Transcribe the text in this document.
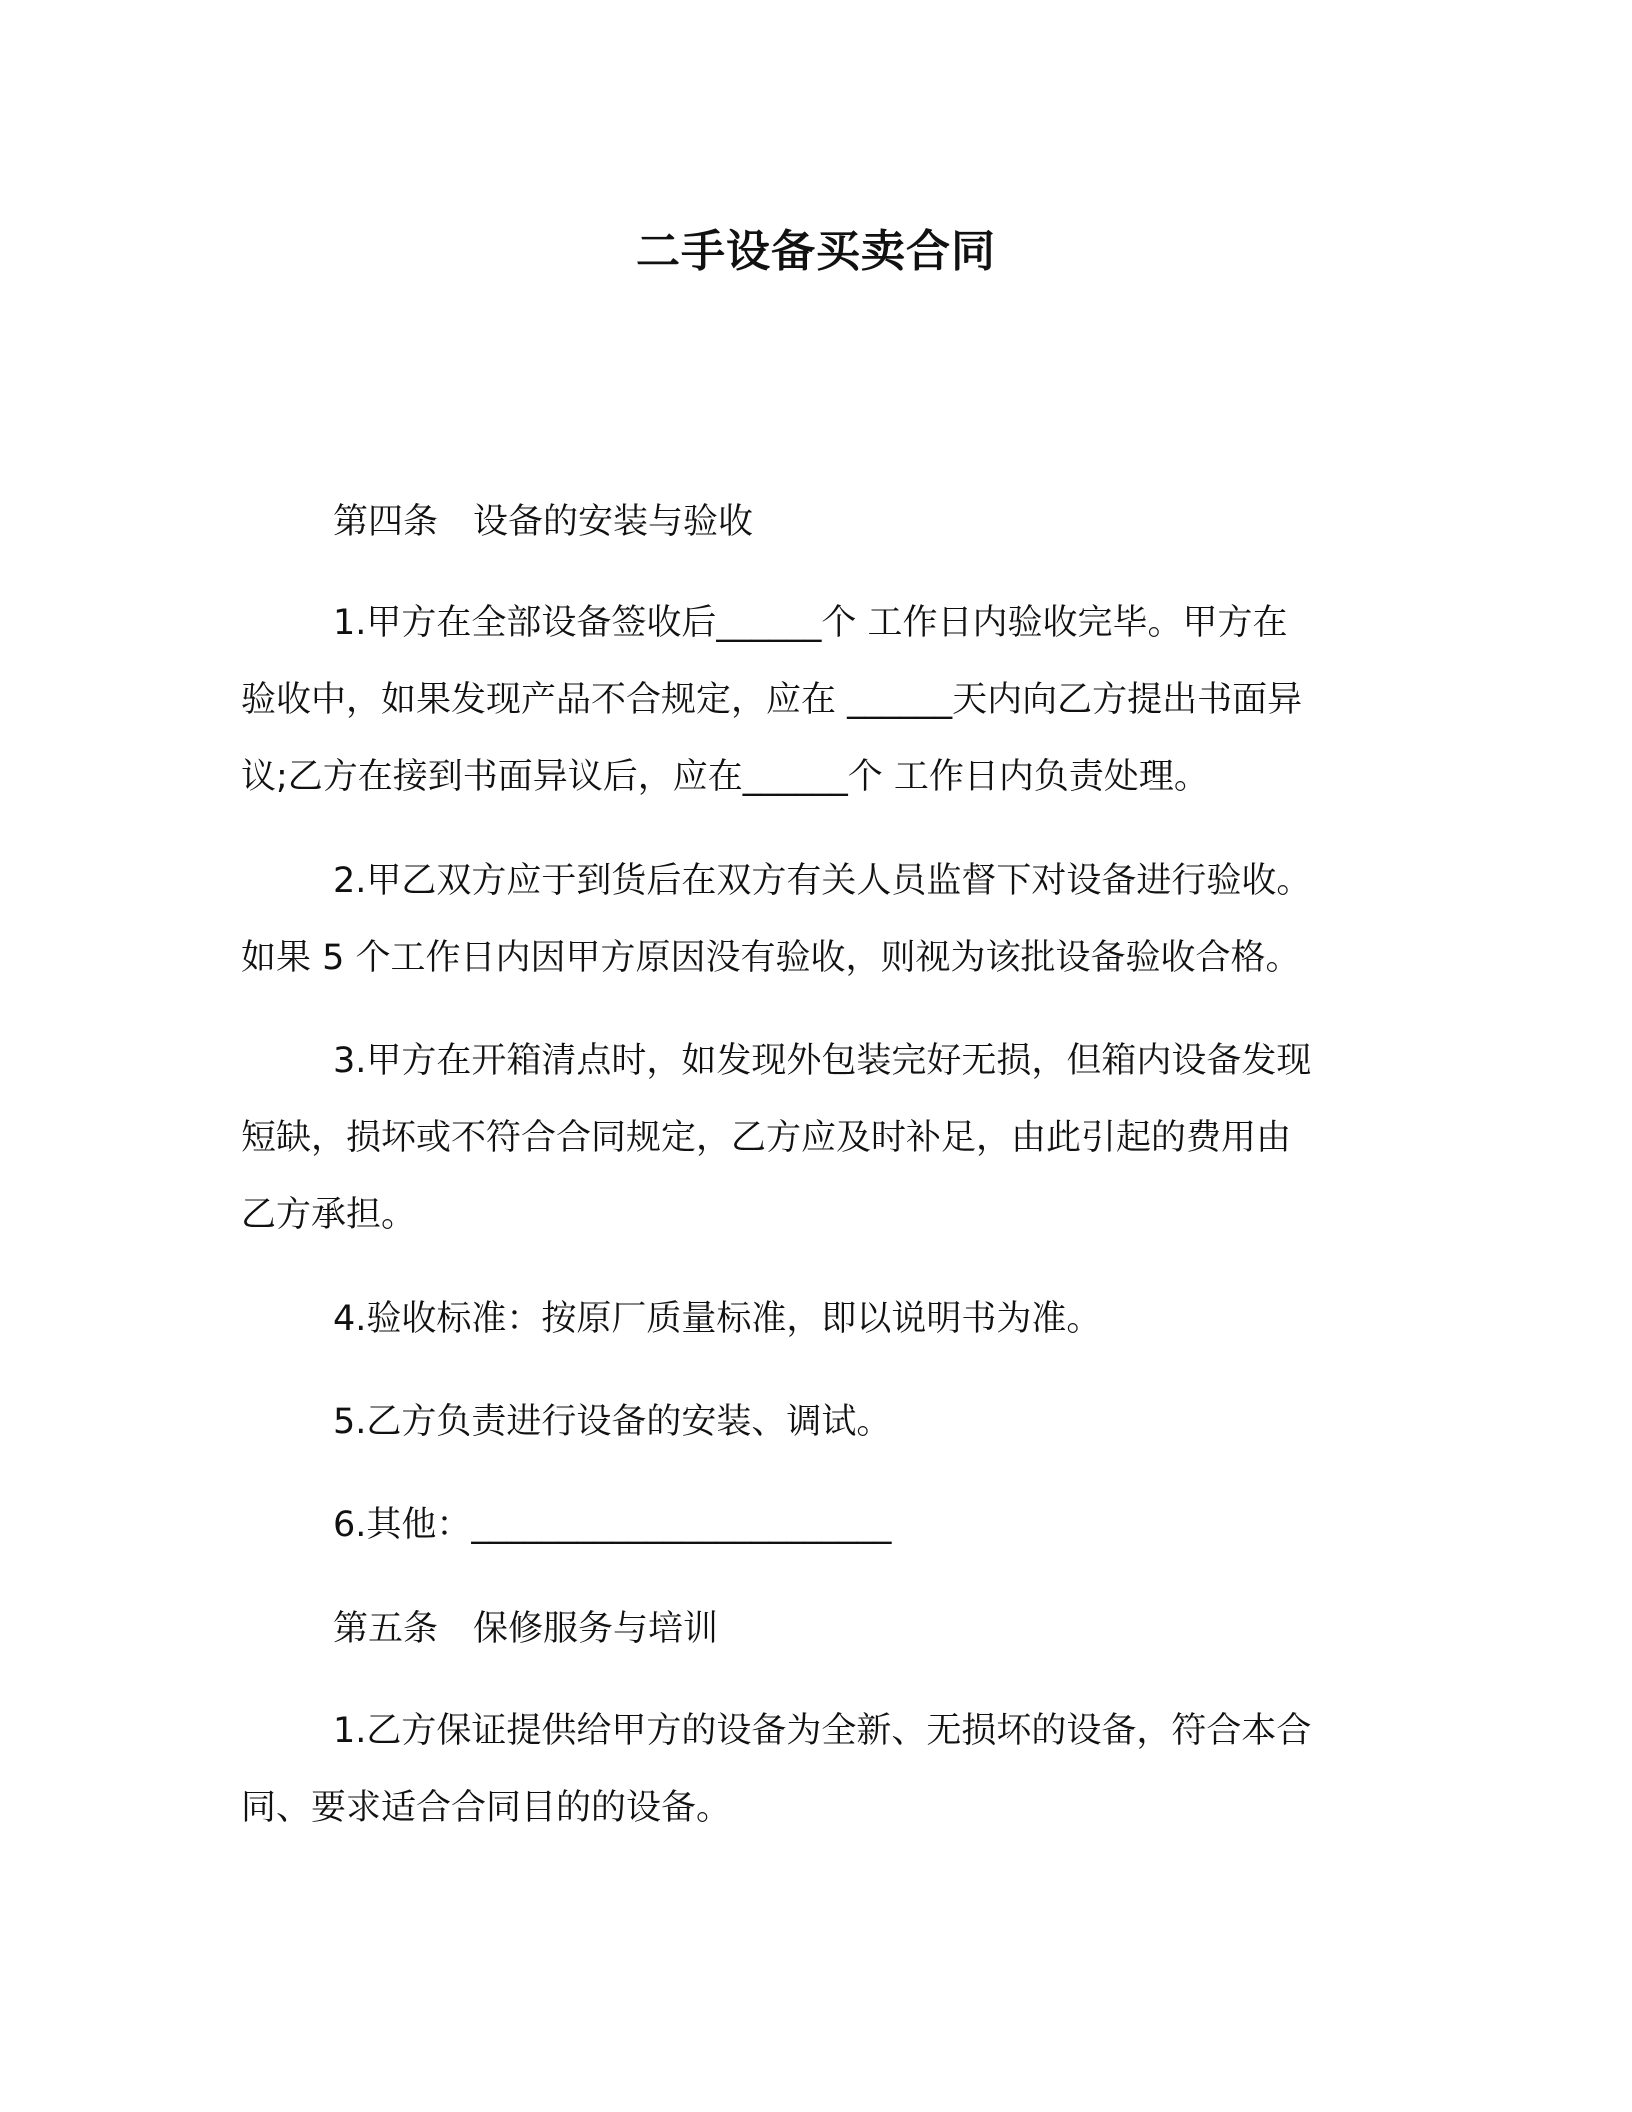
二手设备买卖合同
第四条　设备的安装与验收
1.甲方在全部设备签收后______个 工作日内验收完毕。甲方在
验收中，如果发现产品不合规定，应在 ______天内向乙方提出书面异
议;乙方在接到书面异议后，应在______个 工作日内负责处理。
2.甲乙双方应于到货后在双方有关人员监督下对设备进行验收。
如果 5 个工作日内因甲方原因没有验收，则视为该批设备验收合格。
3.甲方在开箱清点时，如发现外包装完好无损，但箱内设备发现
短缺，损坏或不符合合同规定，乙方应及时补足，由此引起的费用由
乙方承担。
4.验收标准：按原厂质量标准，即以说明书为准。
5.乙方负责进行设备的安装、调试。
6.其他：________________________
第五条　保修服务与培训
1.乙方保证提供给甲方的设备为全新、无损坏的设备，符合本合
同、要求适合合同目的的设备。
